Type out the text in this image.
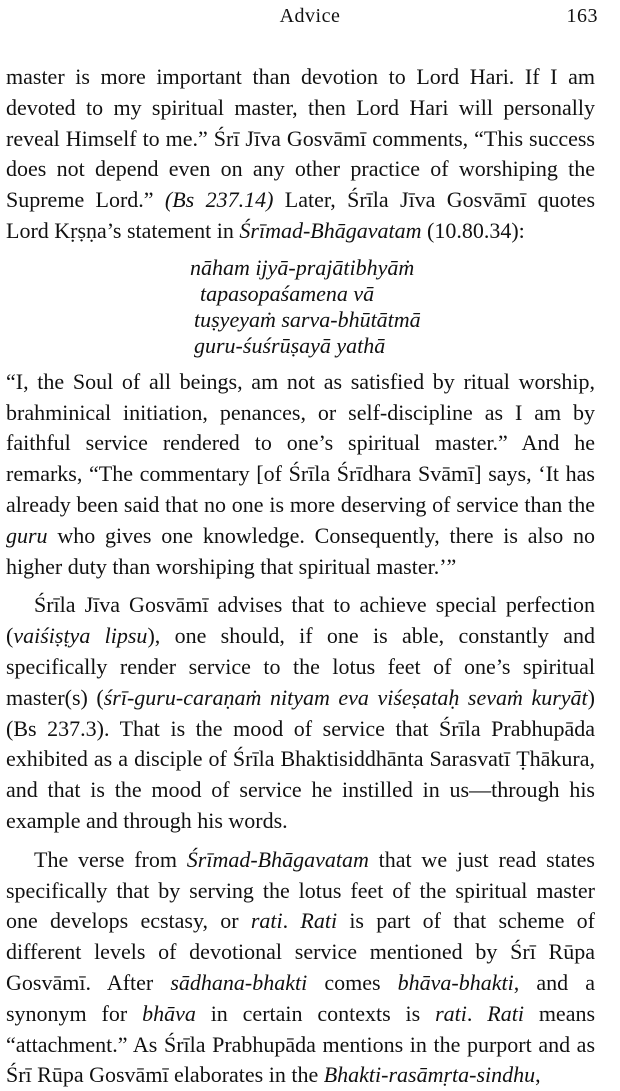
Advice	163

master is more important than devotion to Lord Hari. If I am devoted to my spiritual master, then Lord Hari will personally reveal Himself to me.” Śrī Jīva Gosvāmī comments, “This success does not depend even on any other practice of worshiping the Supreme Lord.” (Bs 237.14) Later, Śrīla Jīva Gosvāmī quotes Lord Kṛṣṇa’s statement in Śrīmad-Bhāgavatam (10.80.34):

nāham ijyā-prajātibhyāṁ
tapasopaśamena vā
tuṣyeyaṁ sarva-bhūtātmā
guru-śuśrūṣayā yathā

“I, the Soul of all beings, am not as satisfied by ritual worship, brahminical initiation, penances, or self-discipline as I am by faithful service rendered to one’s spiritual master.” And he remarks, “The commentary [of Śrīla Śrīdhara Svāmī] says, ‘It has already been said that no one is more deserving of service than the guru who gives one knowledge. Consequently, there is also no higher duty than worshiping that spiritual master.’”

Śrīla Jīva Gosvāmī advises that to achieve special perfection (vaiśiṣṭya lipsu), one should, if one is able, constantly and specifically render service to the lotus feet of one’s spiritual master(s) (śrī-guru-caraṇaṁ nityam eva viśeṣataḥ sevaṁ kuryāt) (Bs 237.3). That is the mood of service that Śrīla Prabhupāda exhibited as a disciple of Śrīla Bhaktisiddhānta Sarasvatī Ṭhākura, and that is the mood of service he instilled in us—through his example and through his words.

The verse from Śrīmad-Bhāgavatam that we just read states specifically that by serving the lotus feet of the spiritual master one develops ecstasy, or rati. Rati is part of that scheme of different levels of devotional service mentioned by Śrī Rūpa Gosvāmī. After sādhana-bhakti comes bhāva-bhakti, and a synonym for bhāva in certain contexts is rati. Rati means “attachment.” As Śrīla Prabhupāda mentions in the purport and as Śrī Rūpa Gosvāmī elaborates in the Bhakti-rasāmṛta-sindhu,
